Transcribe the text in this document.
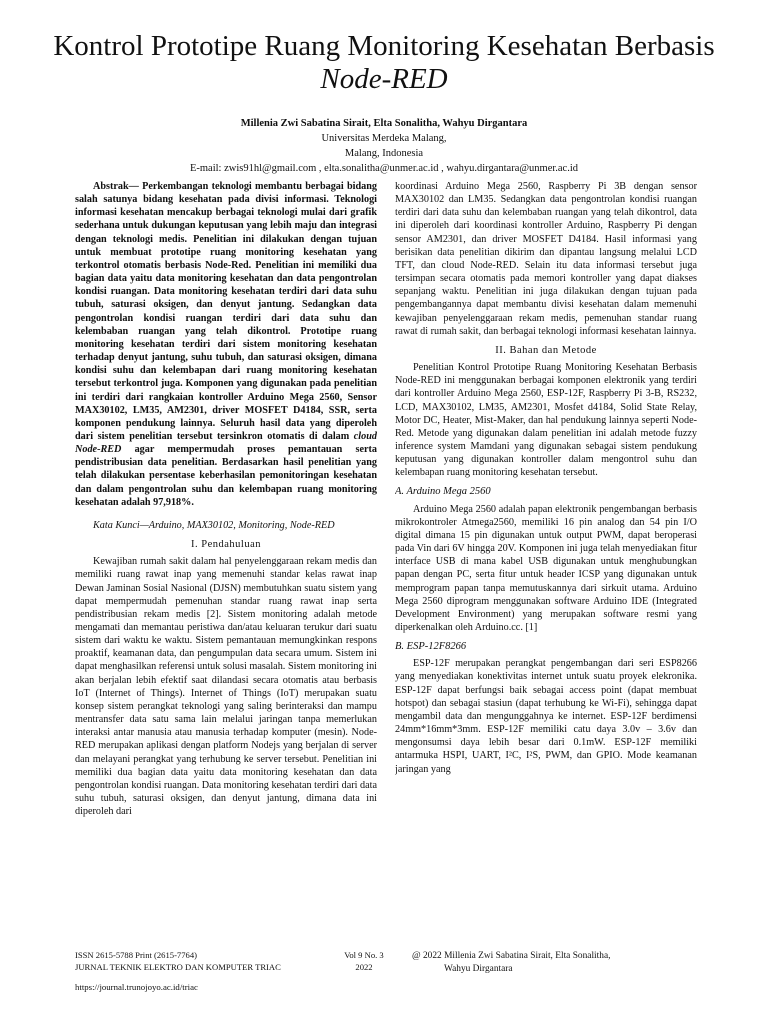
Kontrol Prototipe Ruang Monitoring Kesehatan Berbasis Node-RED
Millenia Zwi Sabatina Sirait, Elta Sonalitha, Wahyu Dirgantara
Universitas Merdeka Malang,
Malang, Indonesia
E-mail: zwis91hl@gmail.com , elta.sonalitha@unmer.ac.id , wahyu.dirgantara@unmer.ac.id

Abstrak— Perkembangan teknologi membantu berbagai bidang salah satunya bidang kesehatan pada divisi informasi. Teknologi informasi kesehatan mencakup berbagai teknologi mulai dari grafik sederhana untuk dukungan keputusan yang lebih maju dan integrasi dengan teknologi medis. Penelitian ini dilakukan dengan tujuan untuk membuat prototipe ruang monitoring kesehatan yang terkontrol otomatis berbasis Node-Red. Penelitian ini memiliki dua bagian data yaitu data monitoring kesehatan dan data pengontrolan kondisi ruangan. Data monitoring kesehatan terdiri dari data suhu tubuh, saturasi oksigen, dan denyut jantung. Sedangkan data pengontrolan kondisi ruangan terdiri dari data suhu dan kelembaban ruangan yang telah dikontrol. Prototipe ruang monitoring kesehatan terdiri dari sistem monitoring kesehatan terhadap denyut jantung, suhu tubuh, dan saturasi oksigen, dimana kondisi suhu dan kelembapan dari ruang monitoring kesehatan tersebut terkontrol juga. Komponen yang digunakan pada penelitian ini terdiri dari rangkaian kontroller Arduino Mega 2560, Sensor MAX30102, LM35, AM2301, driver MOSFET D4184, SSR, serta komponen pendukung lainnya. Seluruh hasil data yang diperoleh dari sistem penelitian tersebut tersinkron otomatis di dalam cloud Node-RED agar mempermudah proses pemantauan serta pendistribusian data penelitian. Berdasarkan hasil penelitian yang telah dilakukan persentase keberhasilan pemonitoringan kesehatan dan dalam pengontrolan suhu dan kelembapan ruang monitoring kesehatan adalah 97,918%.

Kata Kunci—Arduino, MAX30102, Monitoring, Node-RED

I. Pendahuluan

Kewajiban rumah sakit dalam hal penyelenggaraan rekam medis dan memiliki ruang rawat inap yang memenuhi standar kelas rawat inap Dewan Jaminan Sosial Nasional (DJSN) membutuhkan suatu sistem yang dapat mempermudah pemenuhan standar ruang rawat inap serta pendistribusian rekam medis [2]. Sistem monitoring adalah metode mengamati dan memantau peristiwa dan/atau keluaran terukur dari suatu sistem dari waktu ke waktu. Sistem pemantauan memungkinkan respons proaktif, keamanan data, dan pengumpulan data secara umum. Sistem ini dapat menghasilkan referensi untuk solusi masalah. Sistem monitoring ini akan berjalan lebih efektif saat dilandasi secara otomatis atau berbasis IoT (Internet of Things). Internet of Things (IoT) merupakan suatu konsep sistem perangkat teknologi yang saling berinteraksi dan mampu mentransfer data satu sama lain melalui jaringan tanpa memerlukan interaksi antar manusia atau manusia terhadap komputer (mesin). Node-RED merupakan aplikasi dengan platform Nodejs yang berjalan di server dan melayani perangkat yang terhubung ke server tersebut. Penelitian ini memiliki dua bagian data yaitu data monitoring kesehatan dan data pengontrolan kondisi ruangan. Data monitoring kesehatan terdiri dari data suhu tubuh, saturasi oksigen, dan denyut jantung, dimana data ini diperoleh dari

koordinasi Arduino Mega 2560, Raspberry Pi 3B dengan sensor MAX30102 dan LM35. Sedangkan data pengontrolan kondisi ruangan terdiri dari data suhu dan kelembaban ruangan yang telah dikontrol, data ini diperoleh dari koordinasi kontroller Arduino, Raspberry Pi dengan sensor AM2301, dan driver MOSFET D4184. Hasil informasi yang berisikan data penelitian dikirim dan dipantau langsung melalui LCD TFT, dan cloud Node-RED. Selain itu data informasi tersebut juga tersimpan secara otomatis pada memori kontroller yang dapat diakses sepanjang waktu. Penelitian ini juga dilakukan dengan tujuan pada pengembangannya dapat membantu divisi kesehatan dalam memenuhi kewajiban penyelenggaraan rekam medis, pemenuhan standar ruang rawat di rumah sakit, dan berbagai teknologi informasi kesehatan lainnya.

II. Bahan dan Metode

Penelitian Kontrol Prototipe Ruang Monitoring Kesehatan Berbasis Node-RED ini menggunakan berbagai komponen elektronik yang terdiri dari kontroller Arduino Mega 2560, ESP-12F, Raspberry Pi 3-B, RS232, LCD, MAX30102, LM35, AM2301, Mosfet d4184, Solid State Relay, Motor DC, Heater, Mist-Maker, dan hal pendukung lainnya seperti Node-Red. Metode yang digunakan dalam penelitian ini adalah metode fuzzy inference system Mamdani yang digunakan sebagai sistem pendukung keputusan yang digunakan kontroller dalam mengontrol suhu dan kelembapan ruang monitoring kesehatan tersebut.

A. Arduino Mega 2560

Arduino Mega 2560 adalah papan elektronik pengembangan berbasis mikrokontroler Atmega2560, memiliki 16 pin analog dan 54 pin I/O digital dimana 15 pin digunakan untuk output PWM, dapat beroperasi pada Vin dari 6V hingga 20V. Komponen ini juga telah menyediakan fitur interface USB di mana kabel USB digunakan untuk menghubungkan papan dengan PC, serta fitur untuk header ICSP yang digunakan untuk memprogram papan tanpa memutuskannya dari sirkuit utama. Arduino Mega 2560 diprogram menggunakan software Arduino IDE (Integrated Development Environment) yang merupakan software resmi yang diperkenalkan oleh Arduino.cc. [1]

B. ESP-12F8266

ESP-12F merupakan perangkat pengembangan dari seri ESP8266 yang menyediakan konektivitas internet untuk suatu proyek elekronika. ESP-12F dapat berfungsi baik sebagai access point (dapat membuat hotspot) dan sebagai stasiun (dapat terhubung ke Wi-Fi), sehingga dapat mengambil data dan mengunggahnya ke internet. ESP-12F berdimensi 24mm*16mm*3mm. ESP-12F memiliki catu daya 3.0v – 3.6v dan mengonsumsi daya lebih besar dari 0.1mW. ESP-12F memiliki antarmuka HSPI, UART, I²C, I²S, PWM, dan GPIO. Mode keamanan jaringan yang

ISSN 2615-5788 Print (2615-7764)
JURNAL TEKNIK ELEKTRO DAN KOMPUTER TRIAC
Vol 9 No. 3
2022
@ 2022 Millenia Zwi Sabatina Sirait, Elta Sonalitha,
Wahyu Dirgantara
https://journal.trunojoyo.ac.id/triac
